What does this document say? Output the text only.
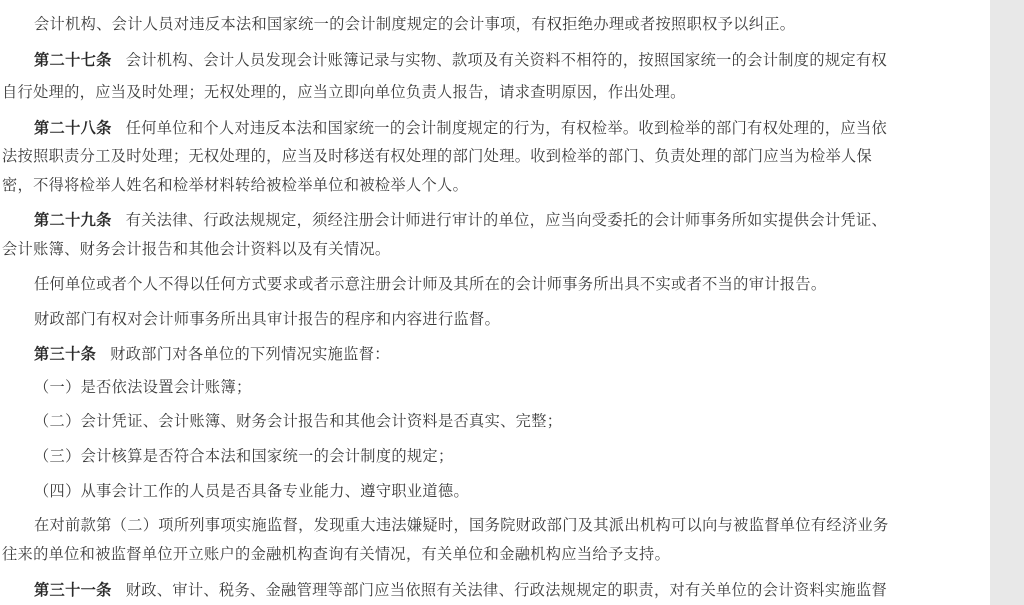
会计机构、会计人员对违反本法和国家统一的会计制度规定的会计事项，有权拒绝办理或者按照职权予以纠正。
第二十七条 会计机构、会计人员发现会计账簿记录与实物、款项及有关资料不相符的，按照国家统一的会计制度的规定有权
自行处理的，应当及时处理；无权处理的，应当立即向单位负责人报告，请求查明原因，作出处理。
第二十八条 任何单位和个人对违反本法和国家统一的会计制度规定的行为，有权检举。收到检举的部门有权处理的，应当依
法按照职责分工及时处理；无权处理的，应当及时移送有权处理的部门处理。收到检举的部门、负责处理的部门应当为检举人保
密，不得将检举人姓名和检举材料转给被检举单位和被检举人个人。
第二十九条 有关法律、行政法规规定，须经注册会计师进行审计的单位，应当向受委托的会计师事务所如实提供会计凭证、
会计账簿、财务会计报告和其他会计资料以及有关情况。
任何单位或者个人不得以任何方式要求或者示意注册会计师及其所在的会计师事务所出具不实或者不当的审计报告。
财政部门有权对会计师事务所出具审计报告的程序和内容进行监督。
第三十条 财政部门对各单位的下列情况实施监督：
（一）是否依法设置会计账簿；
（二）会计凭证、会计账簿、财务会计报告和其他会计资料是否真实、完整；
（三）会计核算是否符合本法和国家统一的会计制度的规定；
（四）从事会计工作的人员是否具备专业能力、遵守职业道德。
在对前款第（二）项所列事项实施监督，发现重大违法嫌疑时，国务院财政部门及其派出机构可以向与被监督单位有经济业务
往来的单位和被监督单位开立账户的金融机构查询有关情况，有关单位和金融机构应当给予支持。
第三十一条 财政、审计、税务、金融管理等部门应当依照有关法律、行政法规规定的职责，对有关单位的会计资料实施监督
